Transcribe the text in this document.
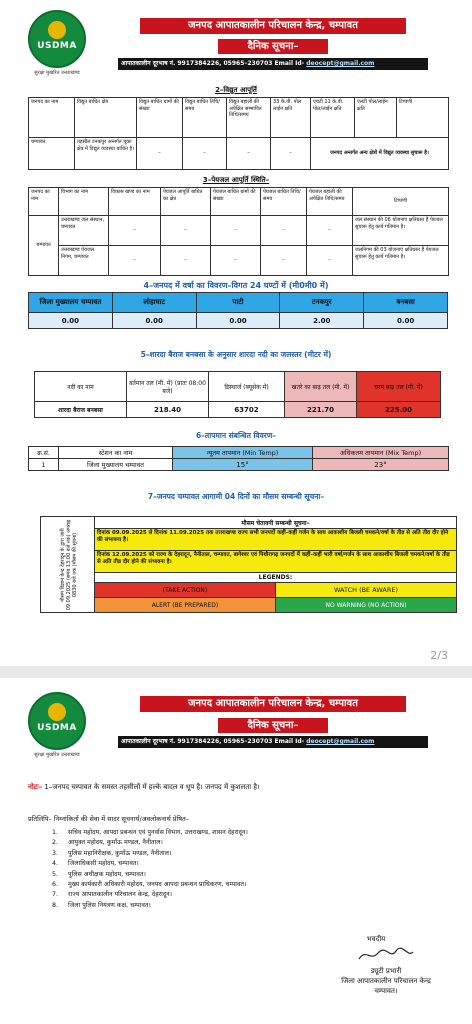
USDMA
सुरक्षा मुखरित उत्तराखण्ड
जनपद आपातकालीन परिचालन केन्द्र, चम्पावत
दैनिक सूचना–
आपातकालीन दूरभाष नं. 9917384226, 05965–230703 Email Id- deocept@gmail.com
2–विद्युत आपूर्ति
जनपद का नाम	विद्युत बाधित क्षेत्र	विद्युत बाधित ग्रामों की संख्या	विद्युत बाधित तिथि/समय	विद्युत बहाली की अपेक्षित सम्भावित तिथि/समय	33 के.वी. पोल लाईन क्षति	एचटी 11 के.वी. पोल/लाईन क्षति	एलटी पोल/लाईन क्षति	टिप्पणी	
चम्पावत	तहसील टनकपुर अन्तर्गत चूका क्षेत्र में विद्युत व्यवस्था बाधित है।	–	–	–	–	जनपद अन्तर्गत अन्य क्षेत्रों में विद्युत व्यवस्था सुचारू है।	
3–पेयजल आपूर्ति स्थिति–
जनपद का नाम	विभाग का नाम	विकास खण्ड का नाम	पेयजल आपूर्ति बाधित का क्षेत्र	पेयजल बाधित ग्रामों की संख्या	पेयजल बाधित तिथि/समय	पेयजल बहाली की अपेक्षित तिथि/समय	टिप्पणी
चम्पावत	उत्तराखण्ड जल संस्थान, चम्पावत	–	–	–	–	–	जल संस्थान की 06 योजनाएं क्षतिग्रस्त हैं पेयजल सुचारू हेतु कार्य गतिमान है।
	उत्तराखण्ड पेयजल निगम, चम्पावत	–	–	–	–	–	जलनिगम की 03 योजनाएं क्षतिग्रस्त हैं पेयजल सुचारू हेतु कार्य गतिमान है।
4–जनपद में वर्षा का विवरण–विगत 24 घण्टों में (मी0मी0 में)
जिला मुख्यालय चम्पावत	लोहाघाट	पाटी	टनकपुर	बनबसा
0.00	0.00	0.00	2.00	0.00
5–शारदा बैराज बनबसा के अनुसार शारदा नदी का जलस्तर (मीटर में)
नदी का नाम	वर्तमान तल (मी. में) (प्रातः 08:00 बजे)	डिस्चार्ज (क्यूसेक में)	खतरे का बाढ़ तल (मी. में)	चरम बाढ़ तल (मी. में)
शारदा बैराज बनबसा	218.40	63702	221.70	225.00
6–तापमान संबन्धित विवरण–
क्र.सं.	स्टेशन का नाम	न्यूतम तापमान (Min Temp)	अधिकतम तापमान (Mix Temp)
1	जिला मुख्यालय चम्पावत	15°	23°
7–जनपद चम्पावत आगामी 04 दिनों का मौसम सम्बन्धी सूचना–
मौसम विज्ञान केन्द्र देहरादून के द्वारा जारी 09.09.2025 (समय 13:00 बजे तक) अपराह्न 0830 बजे तक (मौसम की सूचना)	मौसम चेतावनी सम्बन्धी सूचना–	
	दिनांक 09.09.2025 से दिनांक 11.09.2025 तक उत्तराखण्ड राज्य सभी जनपदों कहीं–कहीं गर्जन के साथ आकाशीय बिजली चमकने/वर्षा के तीव्र से अति तीव्र दौर होने की संभावना है।	
	दिनांक 12.09.2025 को राज्य के देहरादून, नैनीताल, चम्पावत, बागेश्वर एवं पिथौरागढ़ जनपदों में कहीं–कहीं भारी वर्षा/गर्जन के साथ आकाशीय बिजली चमकने/वर्षा के तीव्र से अति तीव्र दौर होने की संभावना है।	
	LEGENDS:	
	(TAKE ACTION)	WATCH (BE AWARE)
	ALERT (BE PREPARED)	NO WARNING (NO ACTION)
2/3
USDMA
सुरक्षा मुखरित उत्तराखण्ड
जनपद आपातकालीन परिचालन केन्द्र, चम्पावत
दैनिक सूचना–
आपातकालीन दूरभाष नं. 9917384226, 05965–230703 Email Id- deocept@gmail.com
नोटः– 1–जनपद चम्पावत के समस्त तहसीलों में हल्के बादल व धूप है। जनपद में कुशलता है।
प्रतिलिपि– निम्नांकितों की सेवा में सादर सूचनार्थ/अवलोकनार्थ प्रेषित–
1. सचिव महोदय, आपदा प्रबन्धन एवं पुनर्वास विभाग, उत्तराखण्ड, शासन देहरादून।
2. आयुक्त महोदय, कुमाँऊ मण्डल, नैनीताल।
3. पुलिस महानिरीक्षक, कुमाँऊ मण्डल, नैनीताल।
4. जिलाधिकारी महोदय, चम्पावत।
5. पुलिस अधीक्षक महोदय, चम्पावत।
6. मुख्य कार्यकारी अधिकारी महोदय, जनपद आपदा प्रबन्धन प्राधिकरण, चम्पावत।
7. राज्य आपातकालीन परिचालन केन्द्र, देहरादून।
8. जिला पुलिस नियंत्रण कक्ष, चम्पावत।
भवदीय
ड्यूटी प्रभारी
जिला आपातकालीन परिचालन केन्द्र
चम्पावत।
